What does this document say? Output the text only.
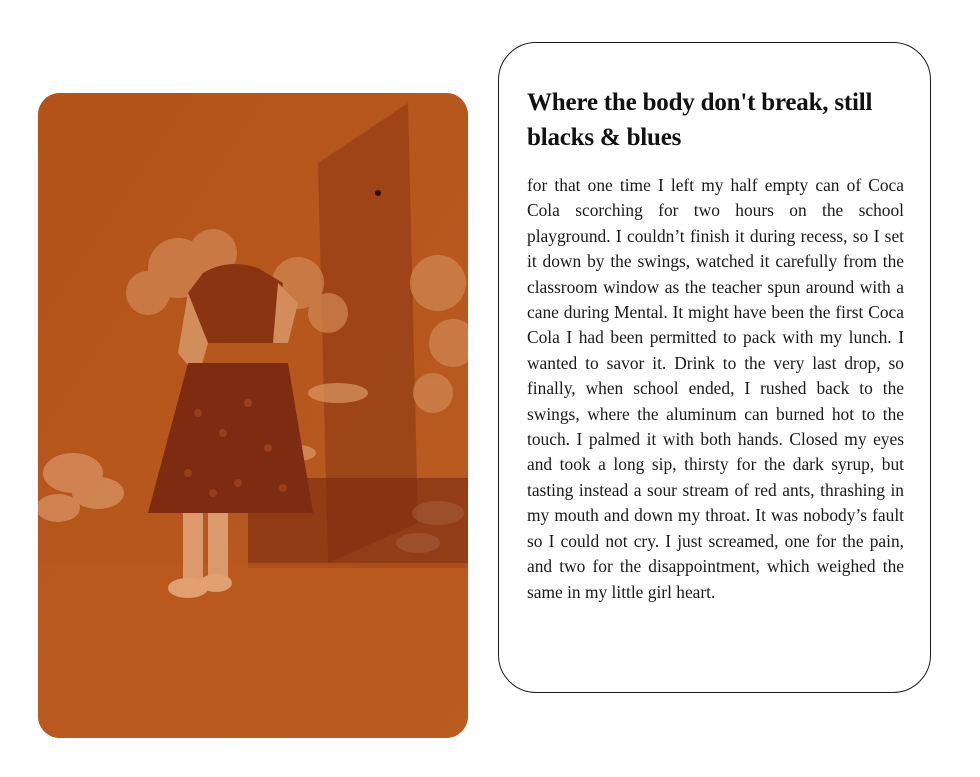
Where the body don't break, still blacks & blues

for that one time I left my half empty can of Coca Cola scorching for two hours on the school playground. I couldn’t finish it during recess, so I set it down by the swings, watched it carefully from the classroom window as the teacher spun around with a cane during Mental. It might have been the first Coca Cola I had been permitted to pack with my lunch. I wanted to savor it. Drink to the very last drop, so finally, when school ended, I rushed back to the swings, where the aluminum can burned hot to the touch. I palmed it with both hands. Closed my eyes and took a long sip, thirsty for the dark syrup, but tasting instead a sour stream of red ants, thrashing in my mouth and down my throat. It was nobody’s fault so I could not cry. I just screamed, one for the pain, and two for the disappointment, which weighed the same in my little girl heart.
